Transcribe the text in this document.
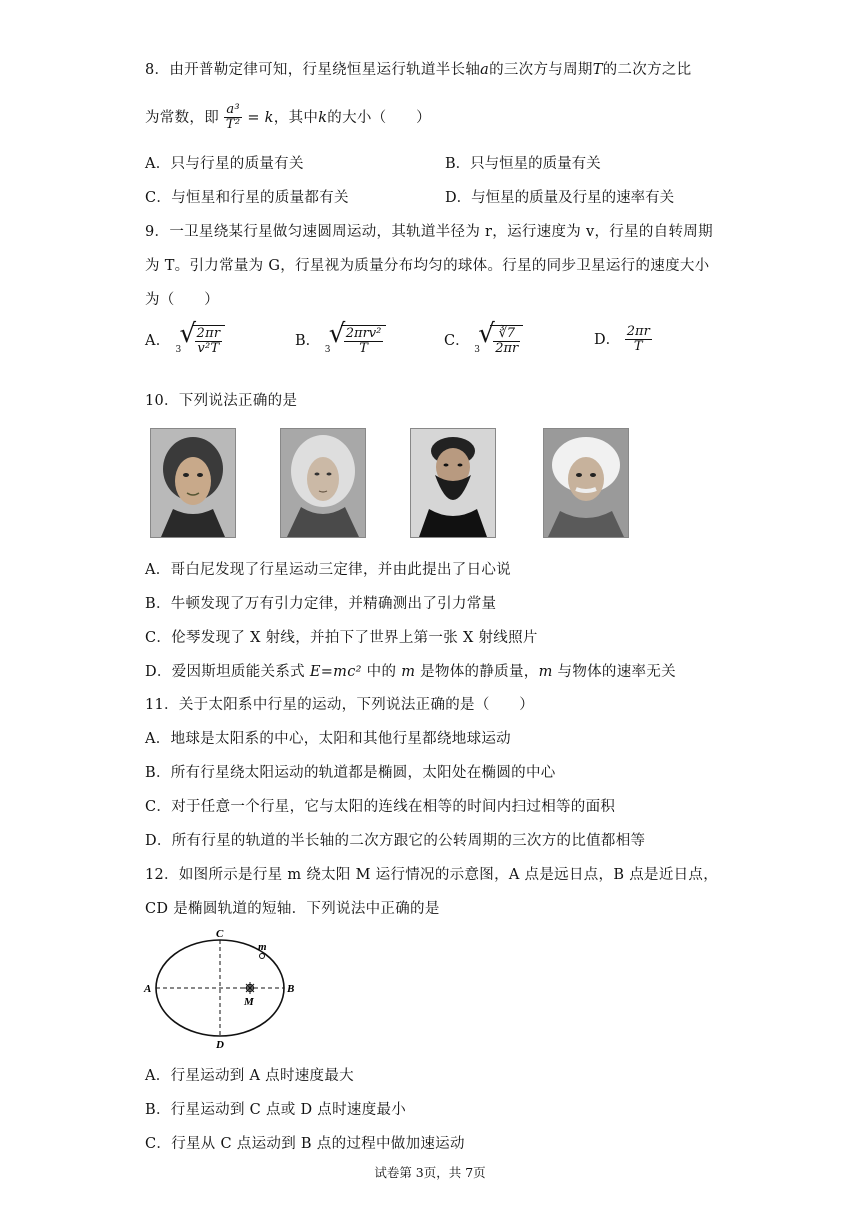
8．由开普勒定律可知，行星绕恒星运行轨道半长轴a的三次方与周期T的二次方之比
为常数，即 $\frac{\text{a³}}{\text{T²}} = k$，其中k的大小（　　）
A．只与行星的质量有关	B．只与恒星的质量有关
C．与恒星和行星的质量都有关	D．与恒星的质量及行星的速率有关
9．一卫星绕某行星做匀速圆周运动，其轨道半径为 r，运行速度为 v，行星的自转周期
为 T。引力常量为 G，行星视为质量分布均匀的球体。行星的同步卫星运行的速度大小
为（　　）
A．
3
√
$\frac{2\pi r}{\text{v²T}}$	B．
3
√
$\frac{\text{2πrv²}}{T}$	C．
3
√
$\frac{∛7}{2\pi r}$	D． $\frac{2\pi r}{T}$
10．下列说法正确的是
A．哥白尼发现了行星运动三定律，并由此提出了日心说
B．牛顿发现了万有引力定律，并精确测出了引力常量
C．伦琴发现了 X 射线，并拍下了世界上第一张 X 射线照片
D．爱因斯坦质能关系式 E=mc² 中的 m 是物体的静质量，m 与物体的速率无关
11．关于太阳系中行星的运动，下列说法正确的是（　　）
A．地球是太阳系的中心，太阳和其他行星都绕地球运动
B．所有行星绕太阳运动的轨道都是椭圆，太阳处在椭圆的中心
C．对于任意一个行星，它与太阳的连线在相等的时间内扫过相等的面积
D．所有行星的轨道的半长轴的二次方跟它的公转周期的三次方的比值都相等
12．如图所示是行星 m 绕太阳 M 运行情况的示意图，A 点是远日点，B 点是近日点，
CD 是椭圆轨道的短轴．下列说法中正确的是
A	B
C
D
m
M
A．行星运动到 A 点时速度最大
B．行星运动到 C 点或 D 点时速度最小
C．行星从 C 点运动到 B 点的过程中做加速运动
试卷第 3页，共 7页
